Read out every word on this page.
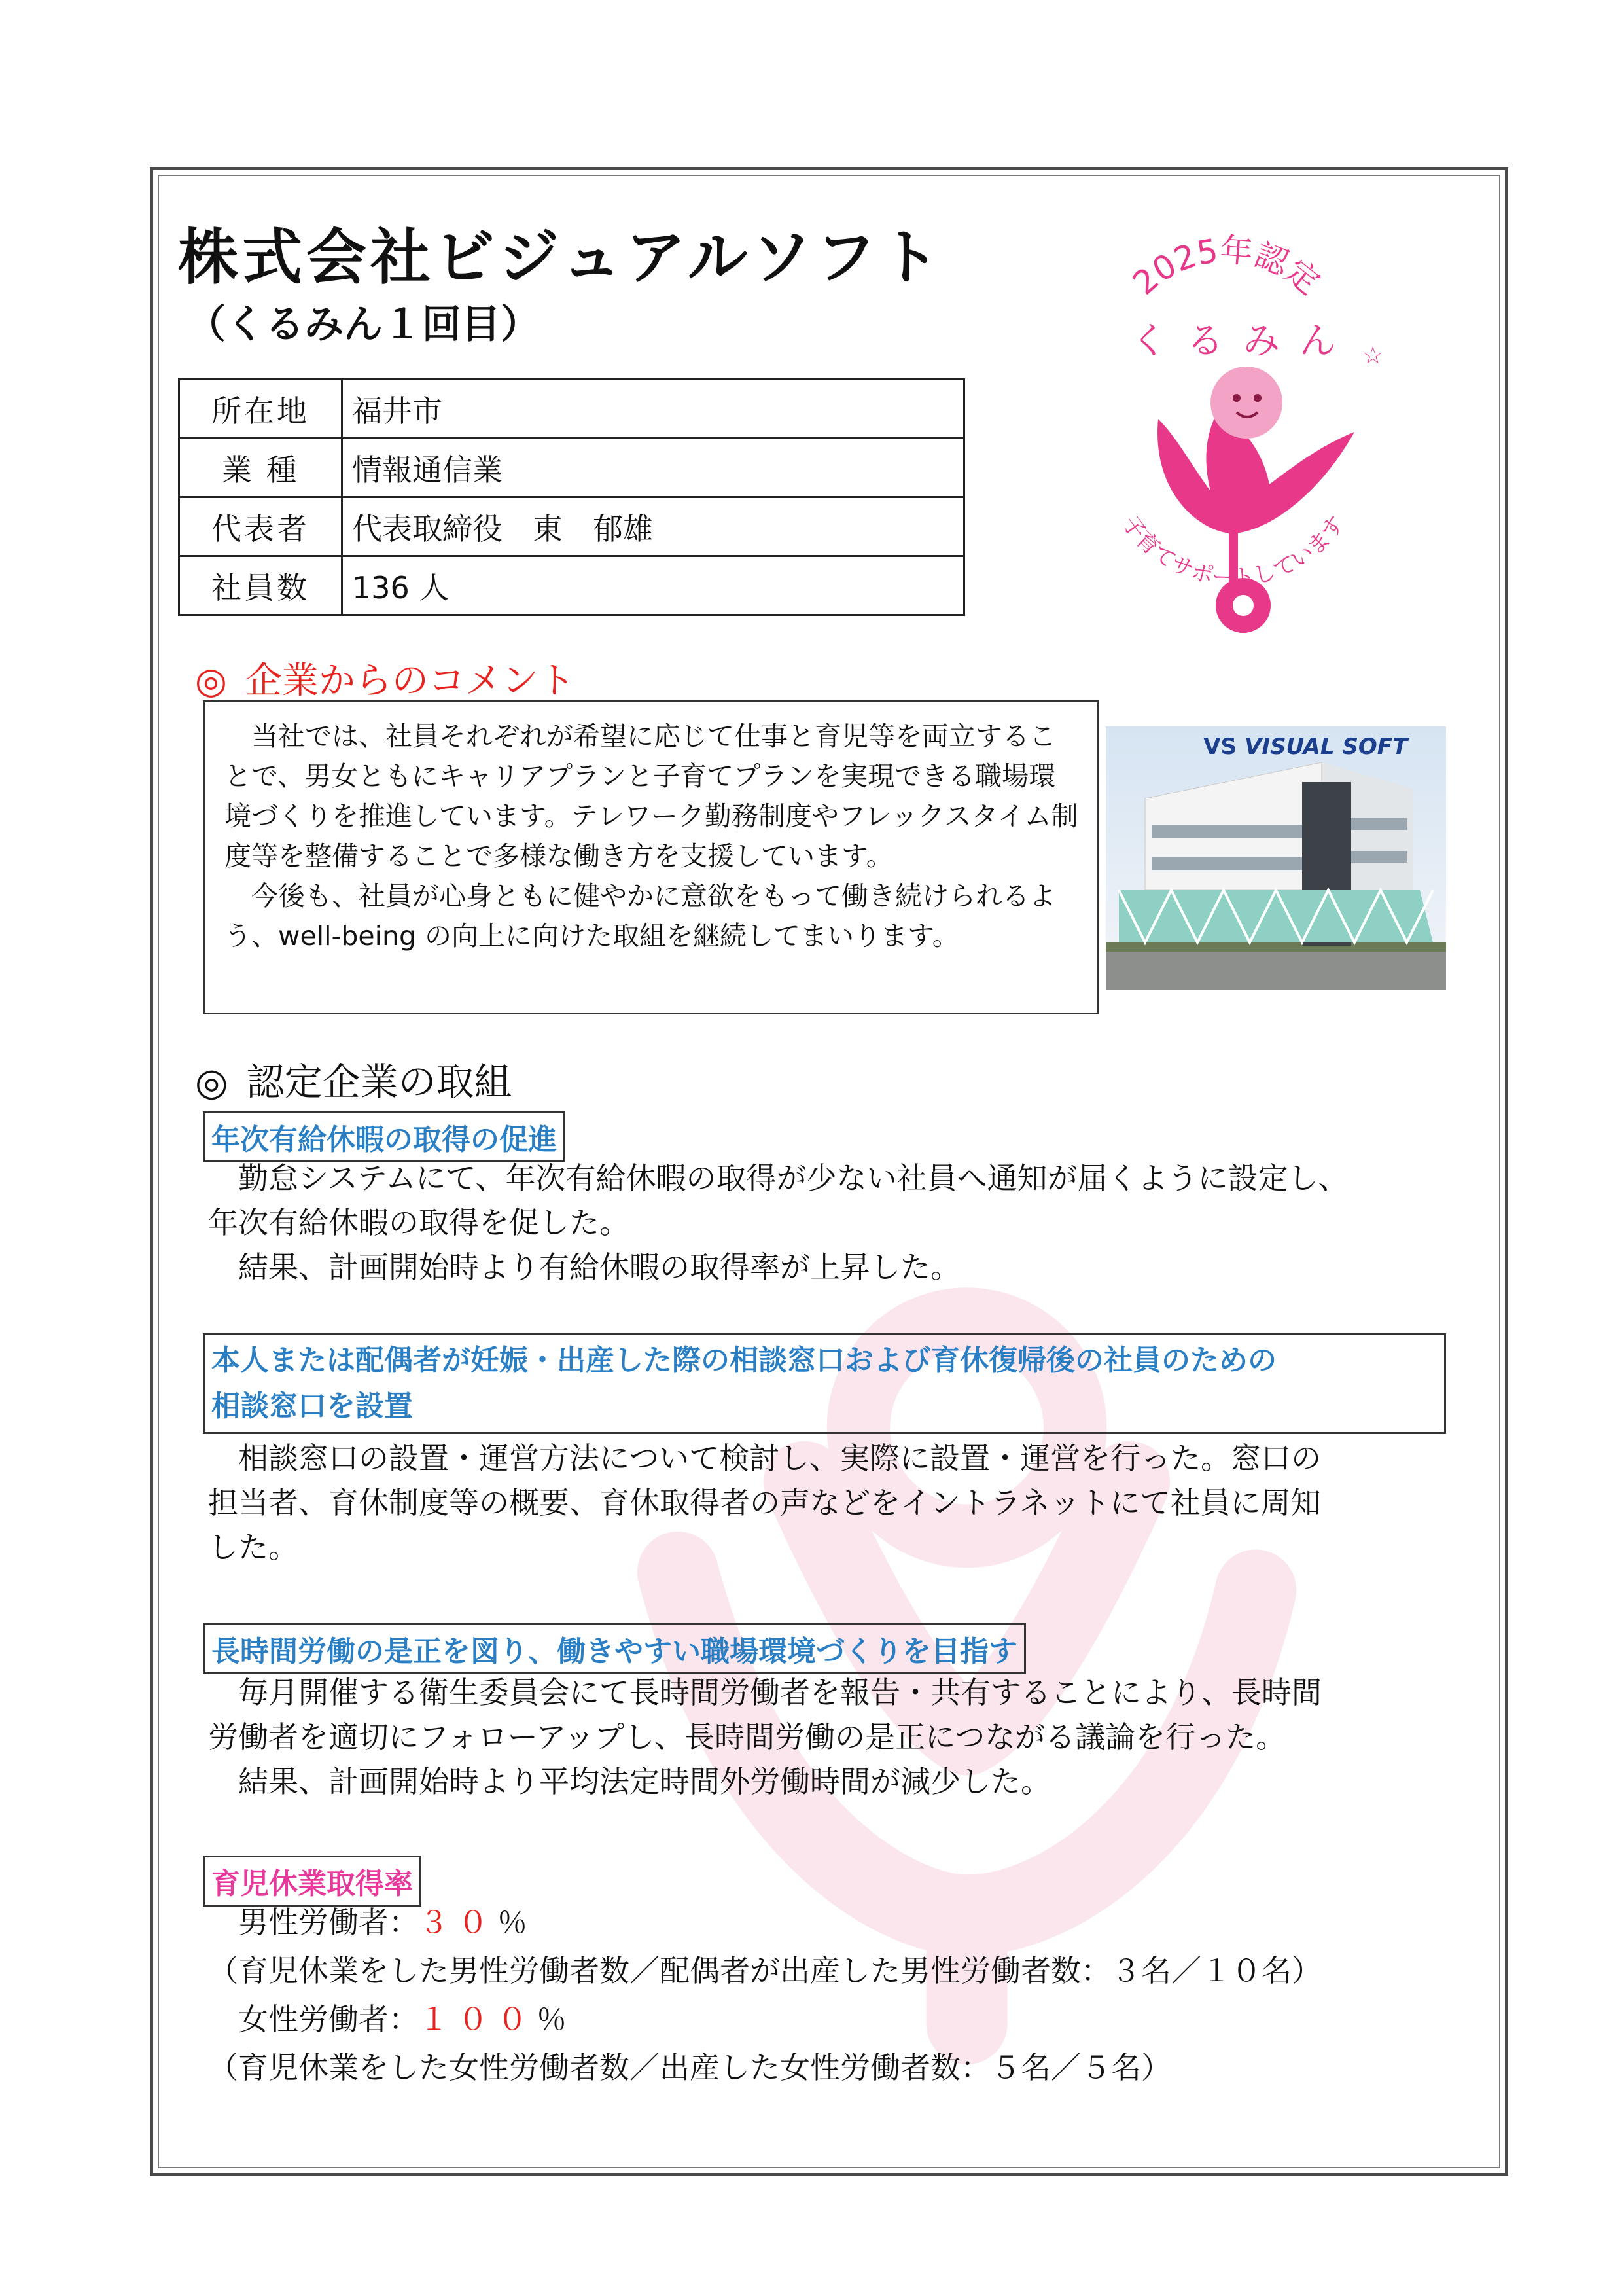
株式会社ビジュアルソフト
（くるみん１回目）
所在地	福井市
業 種	情報通信業
代表者	代表取締役　東　郁雄
社員数	136 人
2025年認定
くるみん ☆
子育てサポートしています
◎ 企業からのコメント

当社では、社員それぞれが希望に応じて仕事と育児等を両立することで、男女ともにキャリアプランと子育てプランを実現できる職場環境づくりを推進しています。テレワーク勤務制度やフレックスタイム制度等を整備することで多様な働き方を支援しています。

今後も、社員が心身ともに健やかに意欲をもって働き続けられるよう、well-being の向上に向けた取組を継続してまいります。

VS VISUAL SOFT
◎ 認定企業の取組
年次有給休暇の取得の促進

勤怠システムにて、年次有給休暇の取得が少ない社員へ通知が届くように設定し、

年次有給休暇の取得を促した。

結果、計画開始時より有給休暇の取得率が上昇した。

本人または配偶者が妊娠・出産した際の相談窓口および育休復帰後の社員のための
相談窓口を設置

相談窓口の設置・運営方法について検討し、実際に設置・運営を行った。窓口の

担当者、育休制度等の概要、育休取得者の声などをイントラネットにて社員に周知

した。

長時間労働の是正を図り、働きやすい職場環境づくりを目指す

毎月開催する衛生委員会にて長時間労働者を報告・共有することにより、長時間

労働者を適切にフォローアップし、長時間労働の是正につながる議論を行った。

結果、計画開始時より平均法定時間外労働時間が減少した。

育児休業取得率

男性労働者：３０％

（育児休業をした男性労働者数／配偶者が出産した男性労働者数：３名／１０名）

女性労働者：１００％

（育児休業をした女性労働者数／出産した女性労働者数：５名／５名）
